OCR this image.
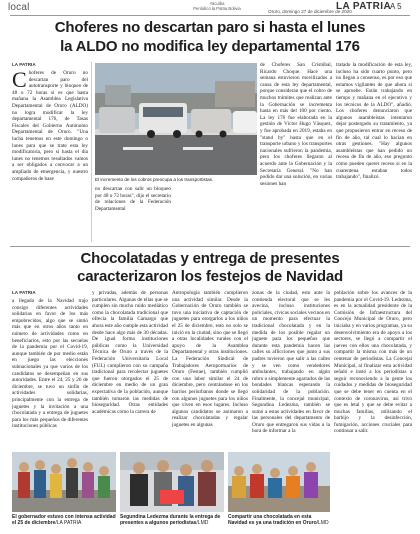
local	Yacuiba
Periódico la Patria Bolivia
Oruro, domingo 27 de diciembre de 2020
LA PATRIA
A 5
Choferes no descartan paro si hasta el lunes
la ALDO no modifica ley departamental 176
LA PATRIA
C hoferes de Oruro no descartan paro del autotransporte y bloqueo de 48 o 72 horas si es que hasta mañana la Asamblea Legislativa Departamental de Oruro (ALDO) no logra modificar la ley departamental 176, de Tasas Fiscales del Gobierno Autónomo Departamental de Oruro. "Una lucha tenemos en este domingo o lunes para que se trate esta ley modificatoria, pero si hasta el día lunes no tenemos resultados vamos a ser obligados a convocar a un ampliado de emergencia, y nuestro compañeros de base	El incremento de los cobros preocupa a los transportistas.
no descartan con salir un bloqueo por 48 o 72 horas", dijo el secretario de relaciones de la Federación Departamental
de Choferes San Cristóbal, Ricardo Choque. Hace una semana estuvieron movilizados a causa de esta ley departamental, porque consideran que el cobro de muchos trámites que realizan ante la Gobernación se incrementa hasta en más del 100 por ciento. La ley 176 fue elaborada en la gestión de Víctor Hugo Vásquez, y fue aprobada en 2019, estaba en "stand by" hasta que en el transporte urbano y los transportes nacionales sufrieron la pandemia, pero los choferes llegaron al acuerdo ante la Gobernación y la Secretaría General. "No han podido dar una solución, en varias sesiones han
tratado la modificación de esta ley, incluso ha sido cuarto punto, pero no llegan a consenso, es por eso que estamos vigilantes de que ahora si se apruebe. Están trabajando en tiempo y mañana en el ejecutivo y los técnicos de la ALDO", añadió. Los choferes denunciaron que algunos asambleístas intentaron dejar postergado su tratamiento, ya que propusieron entrar en receso de fin de año, tal cual lo hacían en otras gestiones. "Hay algunos asambleístas que han pedido un receso de fin de año, eso pregunto cómo pueden querer receso si en la cuarentena estaban todos trabajando", finalizó.
Chocolatadas y entrega de presentes
caracterizaron los festejos de Navidad
LA PATRIA
a llegada de la Navidad trajo consigo diferentes actividades solidarias en favor de los más empobrecidos, algo que se sintió más que en otros años tanto en número de actividades como en beneficiarios, esto por las secuelas de la pandemia por el Covid-19, aunque también de por medio están en juego las elecciones subnacionales ya que varios de los candidatos se desempeñan en sus autoridades. Entre el 24, 25 y 26 de diciembre, se tuvo un sinfín de actividades solidarias, principalmente con la entrega de juguetes y la invitación a una chocolatada y a entrega de juguetes para los más pequeños de diferentes instituciones públicas
y privadas, además de personas particulares. Algunas de ellas que se cumplen sin mucho ruido mediático como la chocolatada tradicional que ofrecía la familia Camargo que ahora este año cumple esta actividad desde hace algo más de 30 décadas. De igual forma instituciones públicas como la Universidad Técnica de Oruro a través de la Federación Universitaria Local (FUL) cumplieron con su campaña tradicional para recolectar juguetes que fueron otorgados el 25 de diciembre en medio de un gran expectativa de la población, aunque también tomaron las medidas de bioseguridad. Otras entidades académicas como la carrera de
Antropología también cumplieron una actividad similar. Desde la Gobernación de Oruro también se tuvo una iniciativa de captación de juguetes para otorgarlos a los niños el 25 de diciembre, esto no solo se inició en la ciudad, sino que se llegó a otras localidades rurales con el apoyo de la Asamblea Departamental y otras instituciones. La Federación Sindical de Trabajadores Aeroportuarios de Oruro (Festae), también cumplió con una labor similar el 24 de diciembre, pero centrándose en los barrios periurbanos donde se llegó con algunos juguetes para los niños que viven en esos lugares. Incluso algunos candidatos se animaron a realizar chocolatadas y regalar juguetes en algunas
zonas de la ciudad, esto ante la contienda electoral que se les avecina, incluso instituciones policiales, cívicas sociales vecinos en un momento para efectuar la tradicional chocolatada y en la medida de los posible regalar un juguete para los pequeños que durante esta pandemia hacen las calles su aflicciones que junto a sus padres tuvieron que salir a las calles y se ven como vendedores ambulantes, trabajando en algún rubro o simplemente agarrados de las bondades blancas esperando la solidaridad de la población. Finalmente, la concejal municipal, Segundina Ledezma, también se sumó a estas actividades en favor de las personales del departamento de Oruro que entregaron sus vidas a la hora de informar a la
población sobre los avances de la pandemia por el Covid-19. Ledezma, es en la actualidad presidente de la Comisión de Infraestructura del Concejo Municipal de Oruro, pero iniciaba y en varios programas, ya su desenvolvimiento era de apoyo a los sectores, se llegó a compartir el jueves con ellos una chocolatada, y compartir la misma con más de un centenar de periodistas. La Concejal Municipal, al finalizar esta actividad señaló e instó a los periodistas a seguir reconociendo a la gente los cuidados y medidas de bioseguridad que se debe tener en cuenta en el contexto de coronavirus, así trivo que es letal y que se debe evitar a muchas familias, utilizando el barbijo y la desinfección, fumigación, acciones cruciales para continuar a salir.
El gobernador estuvo con intensa actividad el 25 de diciembre/LA PATRIA
Segundina Ledezma durante la entrega de presentes a algunos periodistas/LMD
Compartir una chocolatada en esta Navidad es ya una tradición en Oruro/LMD
